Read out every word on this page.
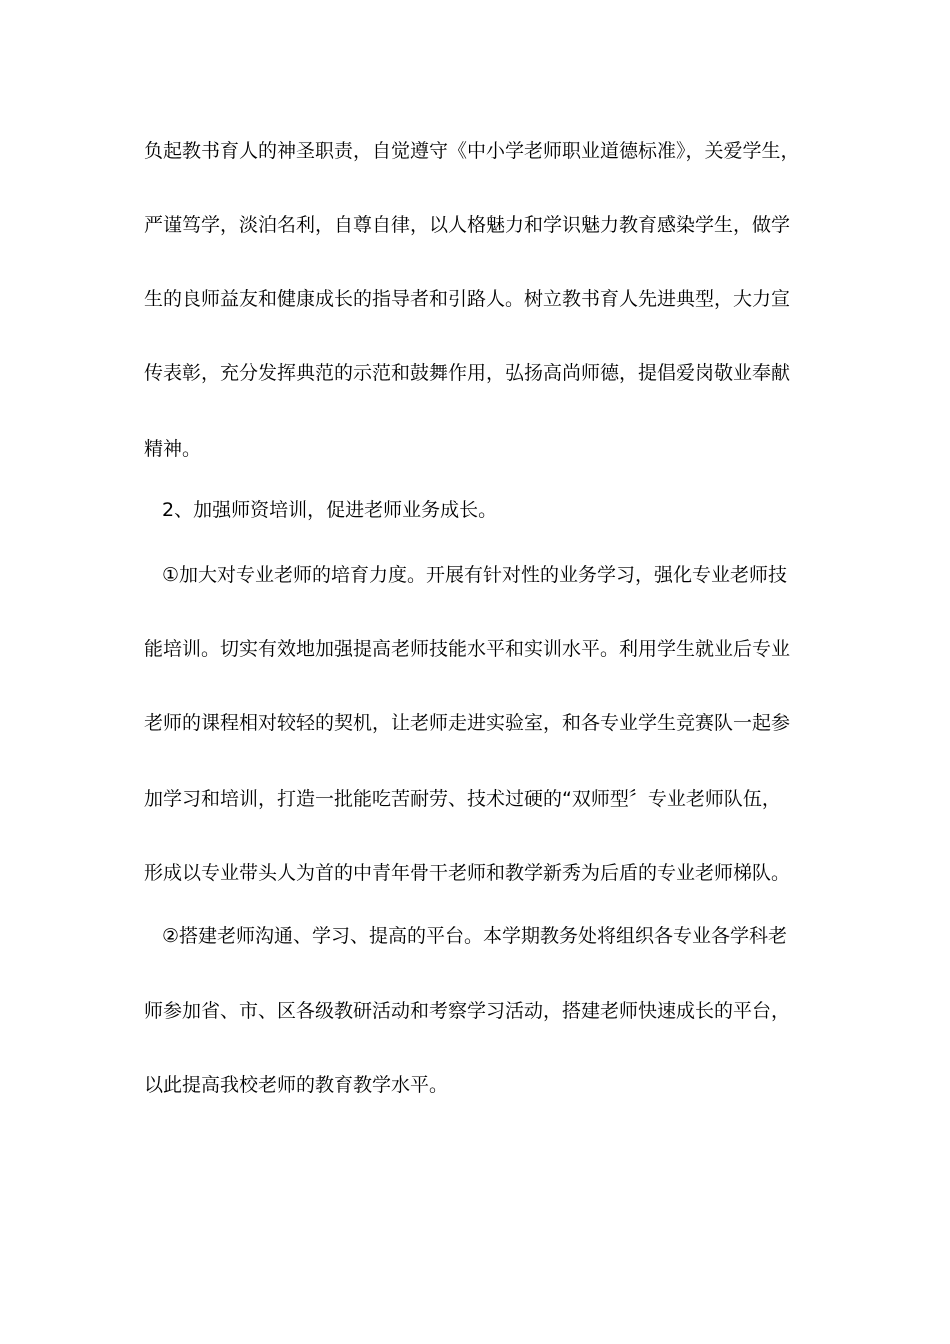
负起教书育人的神圣职责，自觉遵守《中小学老师职业道德标准》，关爱学生，
严谨笃学，淡泊名利，自尊自律，以人格魅力和学识魅力教育感染学生，做学
生的良师益友和健康成长的指导者和引路人。树立教书育人先进典型，大力宣
传表彰，充分发挥典范的示范和鼓舞作用，弘扬高尚师德，提倡爱岗敬业奉献
精神。
2、加强师资培训，促进老师业务成长。
①加大对专业老师的培育力度。开展有针对性的业务学习，强化专业老师技
能培训。切实有效地加强提高老师技能水平和实训水平。利用学生就业后专业
老师的课程相对较轻的契机，让老师走进实验室，和各专业学生竞赛队一起参
加学习和培训，打造一批能吃苦耐劳、技术过硬的“双师型〞专业老师队伍，
形成以专业带头人为首的中青年骨干老师和教学新秀为后盾的专业老师梯队。
②搭建老师沟通、学习、提高的平台。本学期教务处将组织各专业各学科老
师参加省、市、区各级教研活动和考察学习活动，搭建老师快速成长的平台，
以此提高我校老师的教育教学水平。
